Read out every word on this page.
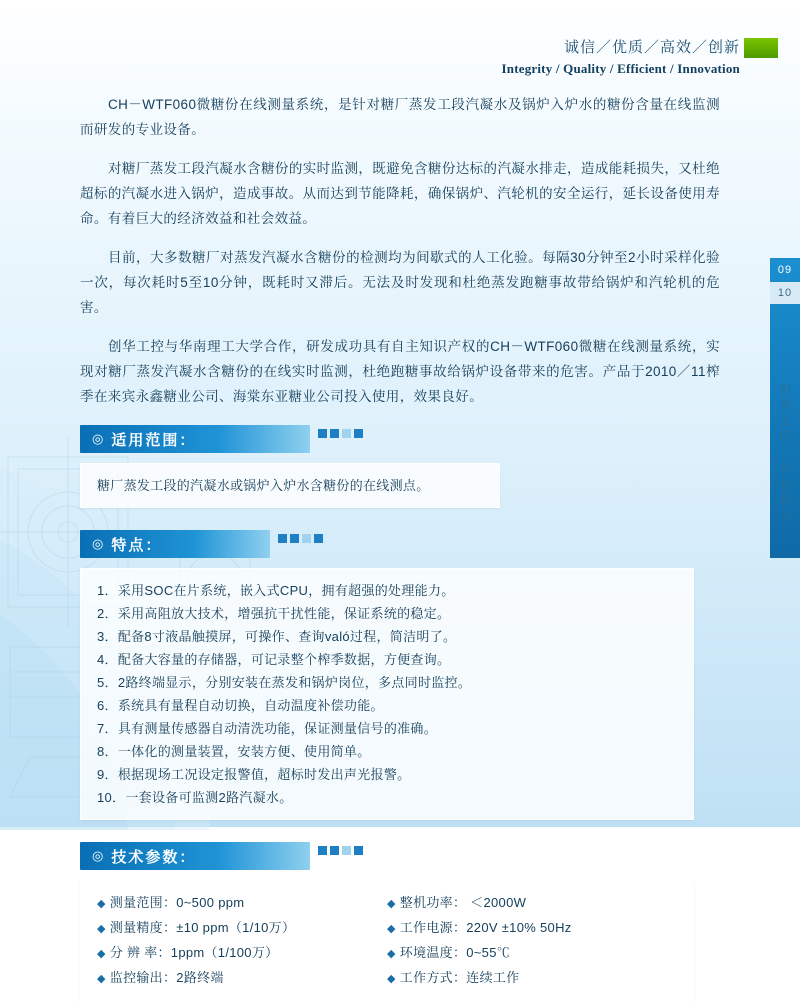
诚信／优质／高效／创新
Integrity / Quality / Efficient / Innovation
09
10
创华工控 · 产品展示

CH－WTF060微糖份在线测量系统，是针对糖厂蒸发工段汽凝水及锅炉入炉水的糖份含量在线监测而研发的专业设备。

对糖厂蒸发工段汽凝水含糖份的实时监测，既避免含糖份达标的汽凝水排走，造成能耗损失，又杜绝超标的汽凝水进入锅炉，造成事故。从而达到节能降耗，确保锅炉、汽轮机的安全运行，延长设备使用寿命。有着巨大的经济效益和社会效益。

目前，大多数糖厂对蒸发汽凝水含糖份的检测均为间歇式的人工化验。每隔30分钟至2小时采样化验一次，每次耗时5至10分钟，既耗时又滞后。无法及时发现和杜绝蒸发跑糖事故带给锅炉和汽轮机的危害。

创华工控与华南理工大学合作，研发成功具有自主知识产权的CH－WTF060微糖在线测量系统，实现对糖厂蒸发汽凝水含糖份的在线实时监测，杜绝跑糖事故给锅炉设备带来的危害。产品于2010／11榨季在来宾永鑫糖业公司、海棠东亚糖业公司投入使用，效果良好。

◎ 适用范围：
糖厂蒸发工段的汽凝水或锅炉入炉水含糖份的在线测点。
◎ 特点：
1．采用SOC在片系统，嵌入式CPU，拥有超强的处理能力。
2．采用高阻放大技术，增强抗干扰性能，保证系统的稳定。
3．配备8寸液晶触摸屏，可操作、查询való过程，简洁明了。
4．配备大容量的存储器，可记录整个榨季数据，方便查询。
5．2路终端显示，分别安装在蒸发和锅炉岗位，多点同时监控。
6．系统具有量程自动切换，自动温度补偿功能。
7．具有测量传感器自动清洗功能，保证测量信号的准确。
8．一体化的测量装置，安装方便、使用简单。
9．根据现场工况设定报警值，超标时发出声光报警。
10．一套设备可监测2路汽凝水。
◎ 技术参数：
◆ 测量范围：0~500 ppm
◆ 测量精度：±10 ppm（1/10万）
◆ 分 辨 率：1ppm（1/100万）
◆ 监控输出：2路终端
◆ 整机功率： ＜2000W
◆ 工作电源：220V ±10% 50Hz
◆ 环境温度：0~55℃
◆ 工作方式：连续工作
